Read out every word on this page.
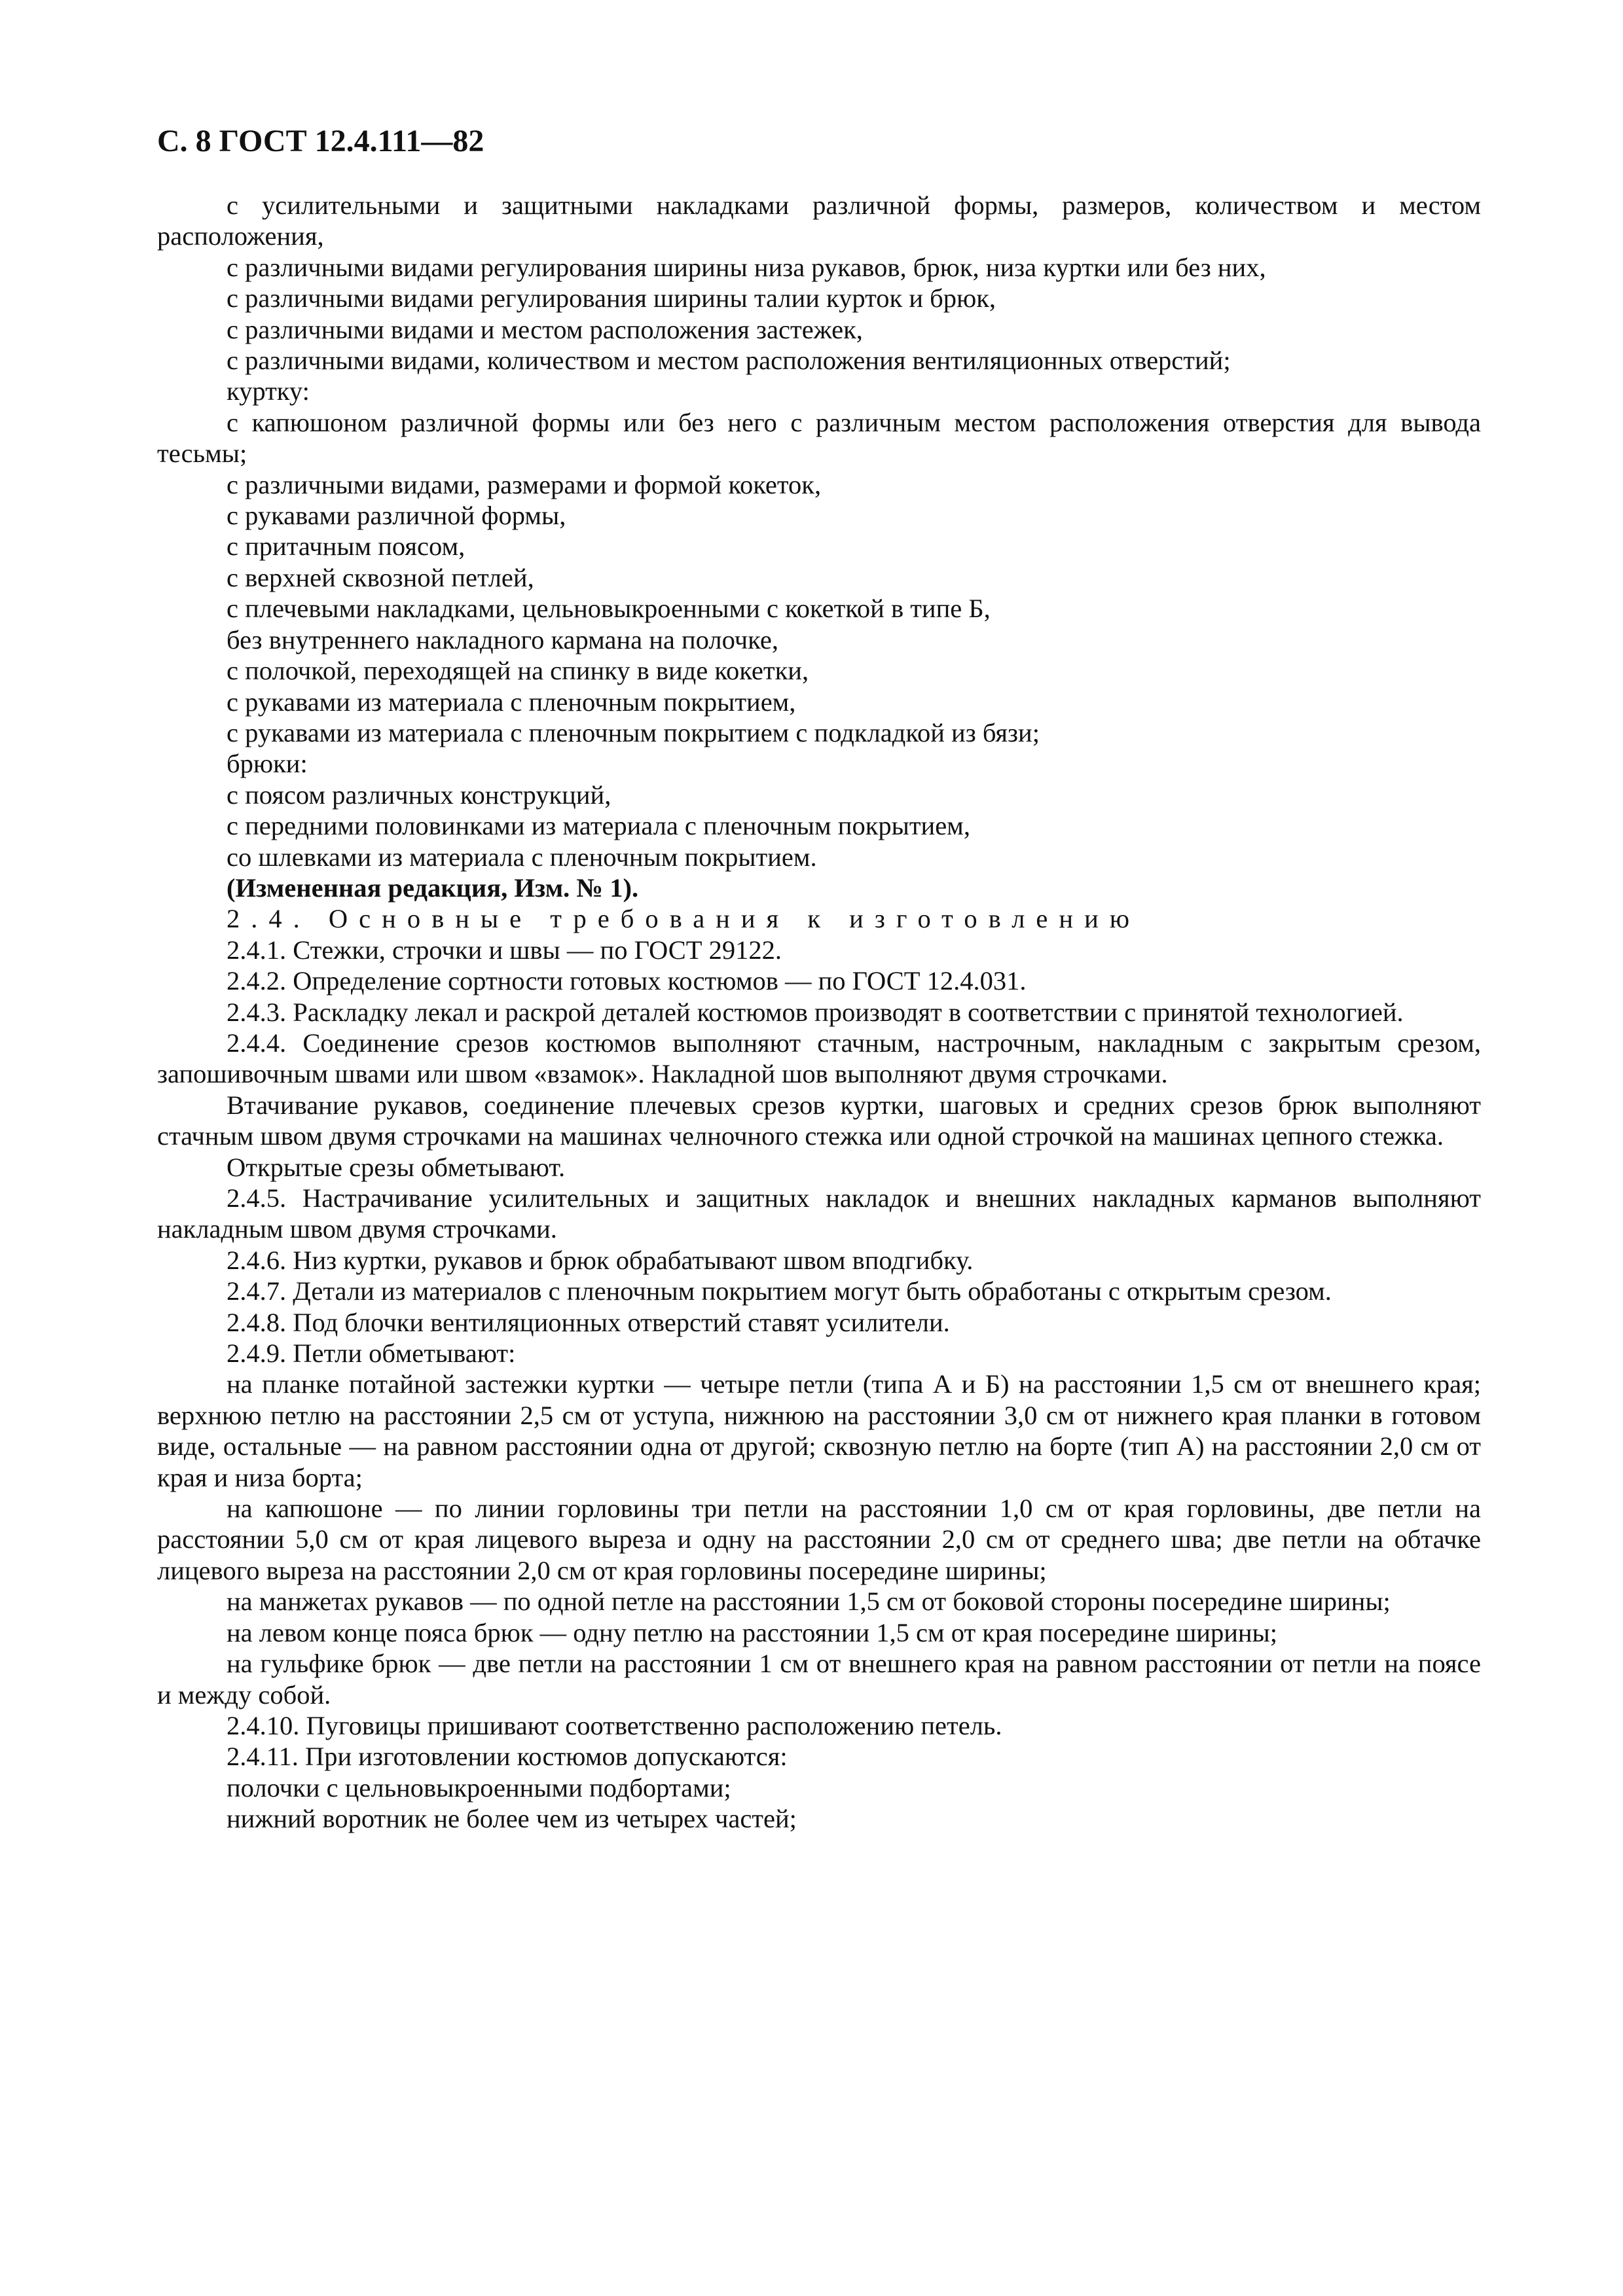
С. 8 ГОСТ 12.4.111—82

с усилительными и защитными накладками различной формы, размеров, количеством и местом расположения,

с различными видами регулирования ширины низа рукавов, брюк, низа куртки или без них,

с различными видами регулирования ширины талии курток и брюк,

с различными видами и местом расположения застежек,

с различными видами, количеством и местом расположения вентиляционных отверстий;

куртку:

с капюшоном различной формы или без него с различным местом расположения отверстия для вывода тесьмы;

с различными видами, размерами и формой кокеток,

с рукавами различной формы,

с притачным поясом,

с верхней сквозной петлей,

с плечевыми накладками, цельновыкроенными с кокеткой в типе Б,

без внутреннего накладного кармана на полочке,

с полочкой, переходящей на спинку в виде кокетки,

с рукавами из материала с пленочным покрытием,

с рукавами из материала с пленочным покрытием с подкладкой из бязи;

брюки:

с поясом различных конструкций,

с передними половинками из материала с пленочным покрытием,

со шлевками из материала с пленочным покрытием.

(Измененная редакция, Изм. № 1).

2.4. Основные требования к изготовлению

2.4.1. Стежки, строчки и швы — по ГОСТ 29122.

2.4.2. Определение сортности готовых костюмов — по ГОСТ 12.4.031.

2.4.3. Раскладку лекал и раскрой деталей костюмов производят в соответствии с принятой технологией.

2.4.4. Соединение срезов костюмов выполняют стачным, настрочным, накладным с закрытым срезом, запошивочным швами или швом «взамок». Накладной шов выполняют двумя строчками.

Втачивание рукавов, соединение плечевых срезов куртки, шаговых и средних срезов брюк выполняют стачным швом двумя строчками на машинах челночного стежка или одной строчкой на машинах цепного стежка.

Открытые срезы обметывают.

2.4.5. Настрачивание усилительных и защитных накладок и внешних накладных карманов выполняют накладным швом двумя строчками.

2.4.6. Низ куртки, рукавов и брюк обрабатывают швом вподгибку.

2.4.7. Детали из материалов с пленочным покрытием могут быть обработаны с открытым срезом.

2.4.8. Под блочки вентиляционных отверстий ставят усилители.

2.4.9. Петли обметывают:

на планке потайной застежки куртки — четыре петли (типа А и Б) на расстоянии 1,5 см от внешнего края; верхнюю петлю на расстоянии 2,5 см от уступа, нижнюю на расстоянии 3,0 см от нижнего края планки в готовом виде, остальные — на равном расстоянии одна от другой; сквозную петлю на борте (тип А) на расстоянии 2,0 см от края и низа борта;

на капюшоне — по линии горловины три петли на расстоянии 1,0 см от края горловины, две петли на расстоянии 5,0 см от края лицевого выреза и одну на расстоянии 2,0 см от среднего шва; две петли на обтачке лицевого выреза на расстоянии 2,0 см от края горловины посередине ширины;

на манжетах рукавов — по одной петле на расстоянии 1,5 см от боковой стороны посередине ширины;

на левом конце пояса брюк — одну петлю на расстоянии 1,5 см от края посередине ширины;

на гульфике брюк — две петли на расстоянии 1 см от внешнего края на равном расстоянии от петли на поясе и между собой.

2.4.10. Пуговицы пришивают соответственно расположению петель.

2.4.11. При изготовлении костюмов допускаются:

полочки с цельновыкроенными подбортами;

нижний воротник не более чем из четырех частей;
